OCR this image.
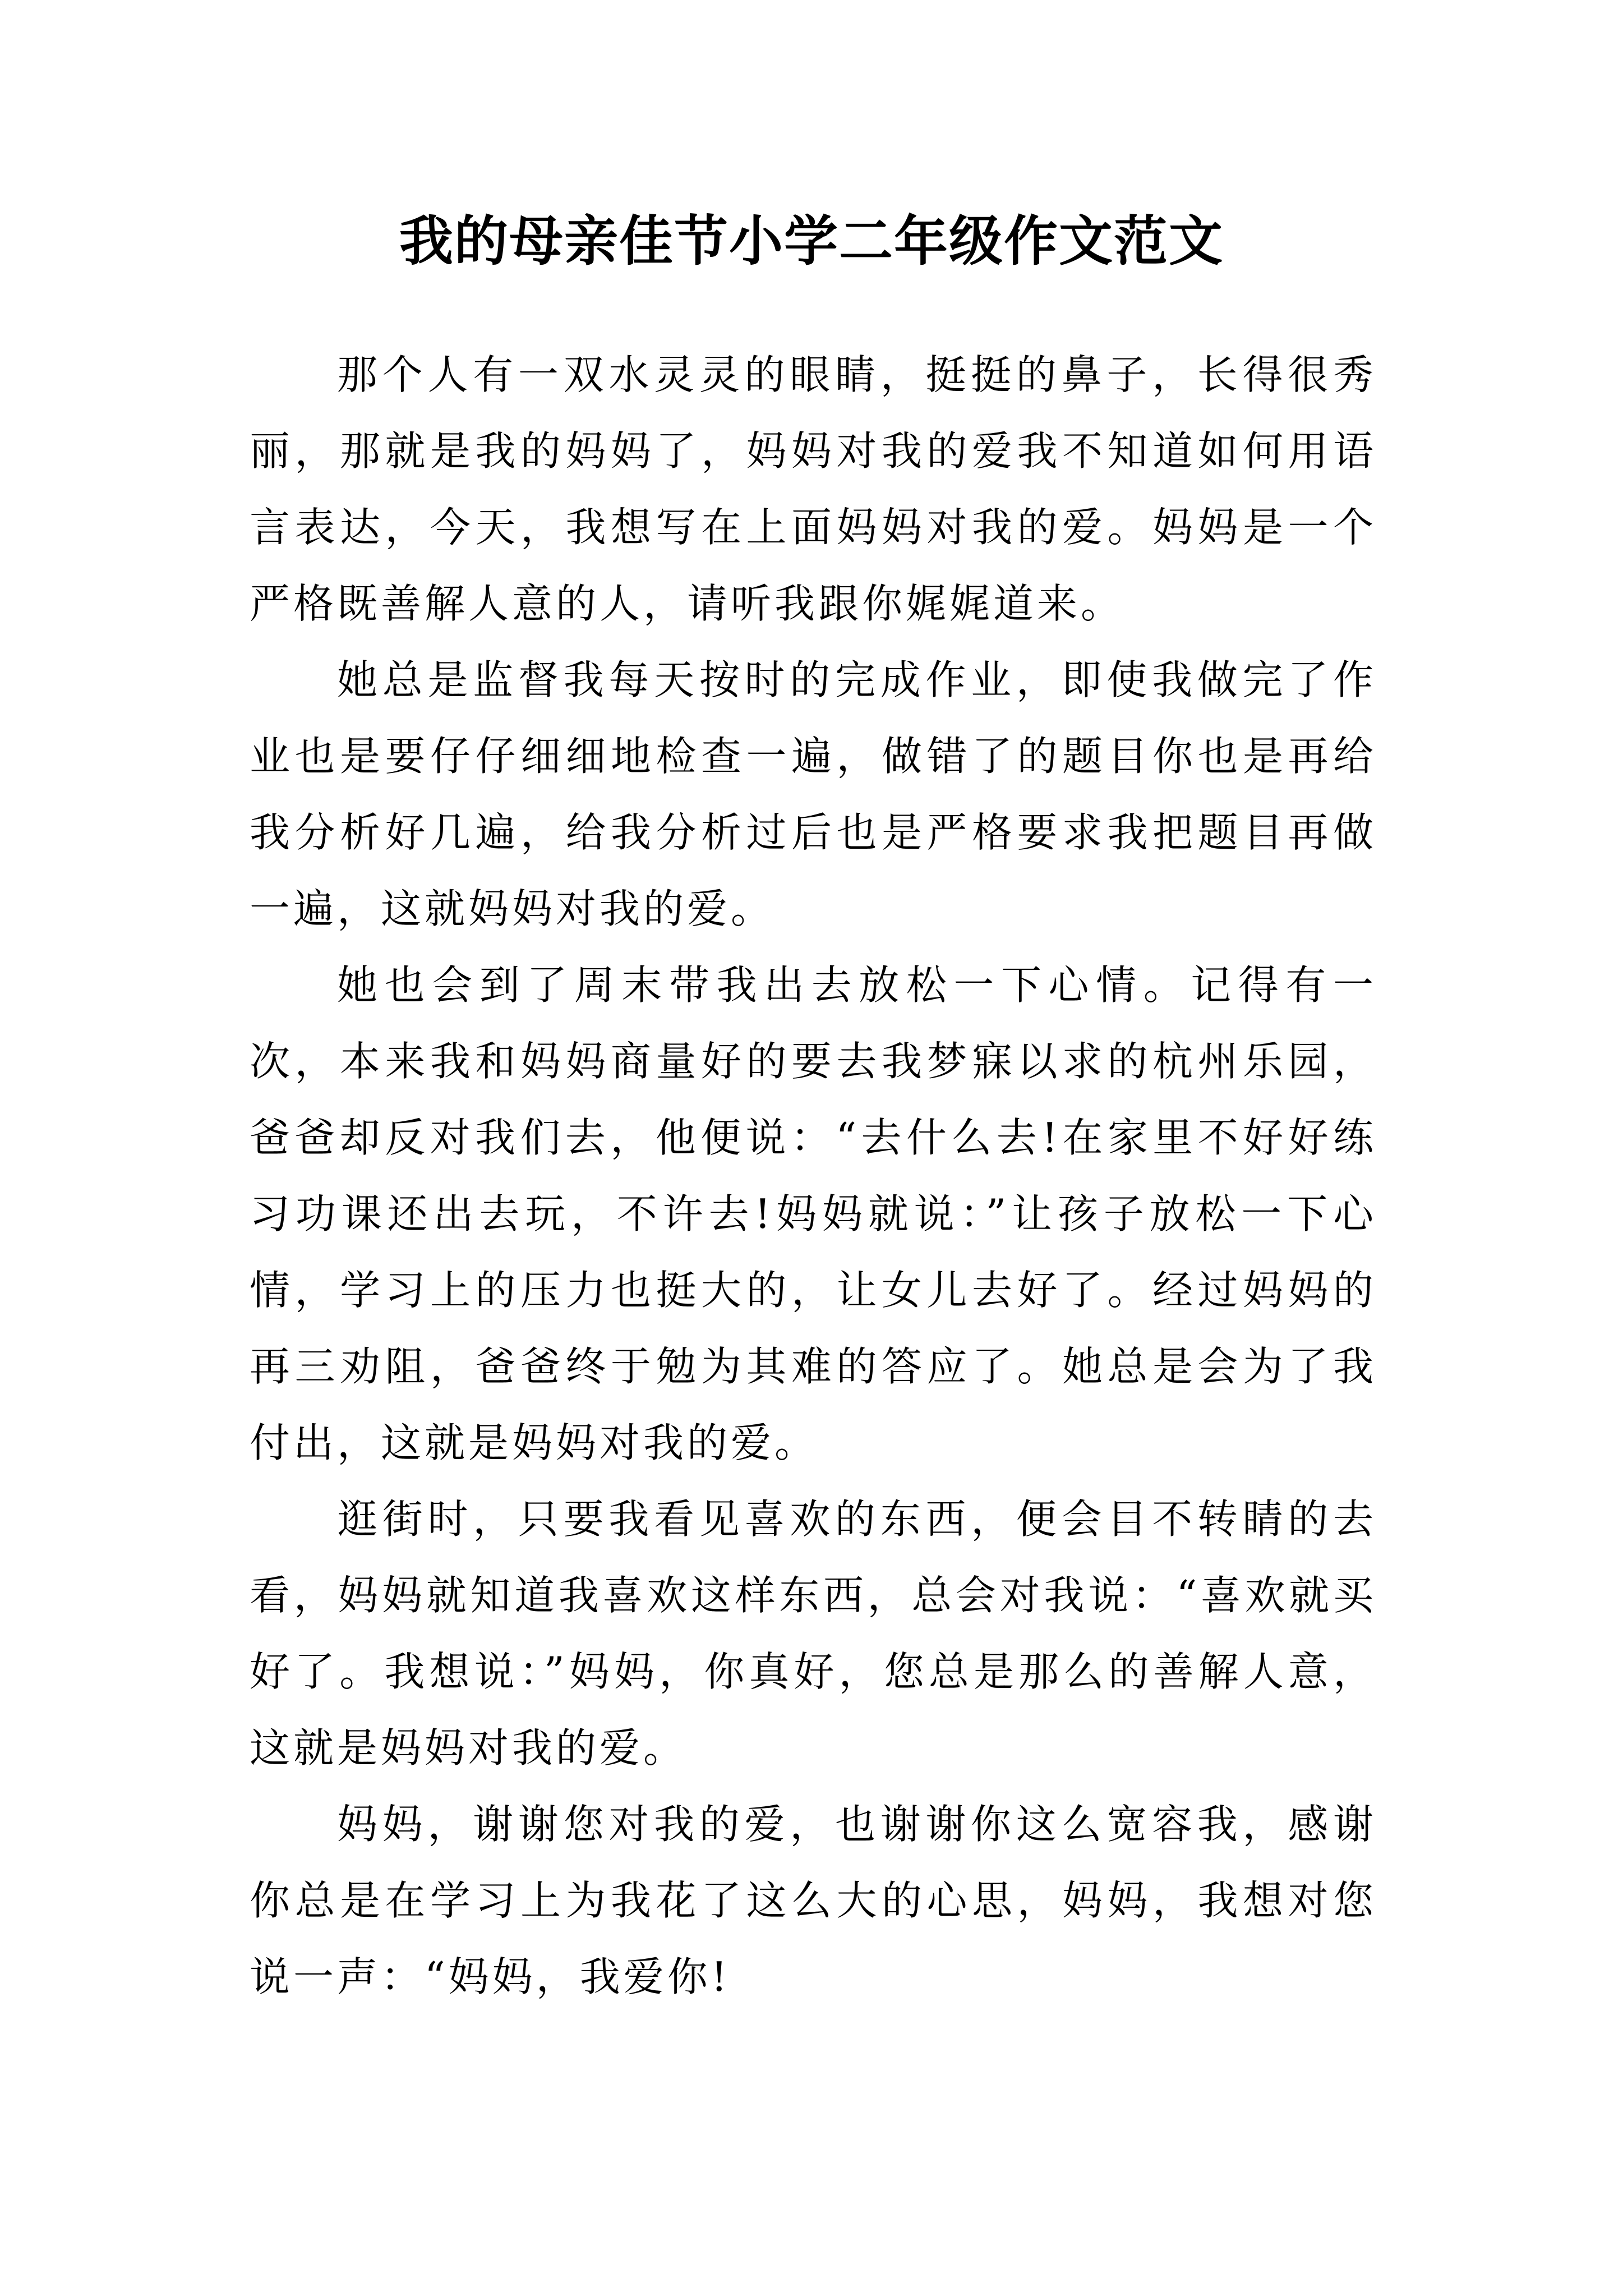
我的母亲佳节小学二年级作文范文

那个人有一双水灵灵的眼睛，挺挺的鼻子，长得很秀丽，那就是我的妈妈了，妈妈对我的爱我不知道如何用语言表达，今天，我想写在上面妈妈对我的爱。妈妈是一个严格既善解人意的人，请听我跟你娓娓道来。

她总是监督我每天按时的完成作业，即使我做完了作业也是要仔仔细细地检查一遍，做错了的题目你也是再给我分析好几遍，给我分析过后也是严格要求我把题目再做一遍，这就妈妈对我的爱。

她也会到了周末带我出去放松一下心情。记得有一次，本来我和妈妈商量好的要去我梦寐以求的杭州乐园，爸爸却反对我们去，他便说：“去什么去!在家里不好好练习功课还出去玩，不许去!妈妈就说：”让孩子放松一下心情，学习上的压力也挺大的，让女儿去好了。经过妈妈的再三劝阻，爸爸终于勉为其难的答应了。她总是会为了我付出，这就是妈妈对我的爱。

逛街时，只要我看见喜欢的东西，便会目不转睛的去看，妈妈就知道我喜欢这样东西，总会对我说：“喜欢就买好了。我想说：”妈妈，你真好，您总是那么的善解人意，这就是妈妈对我的爱。

妈妈，谢谢您对我的爱，也谢谢你这么宽容我，感谢你总是在学习上为我花了这么大的心思，妈妈，我想对您说一声：“妈妈，我爱你!
